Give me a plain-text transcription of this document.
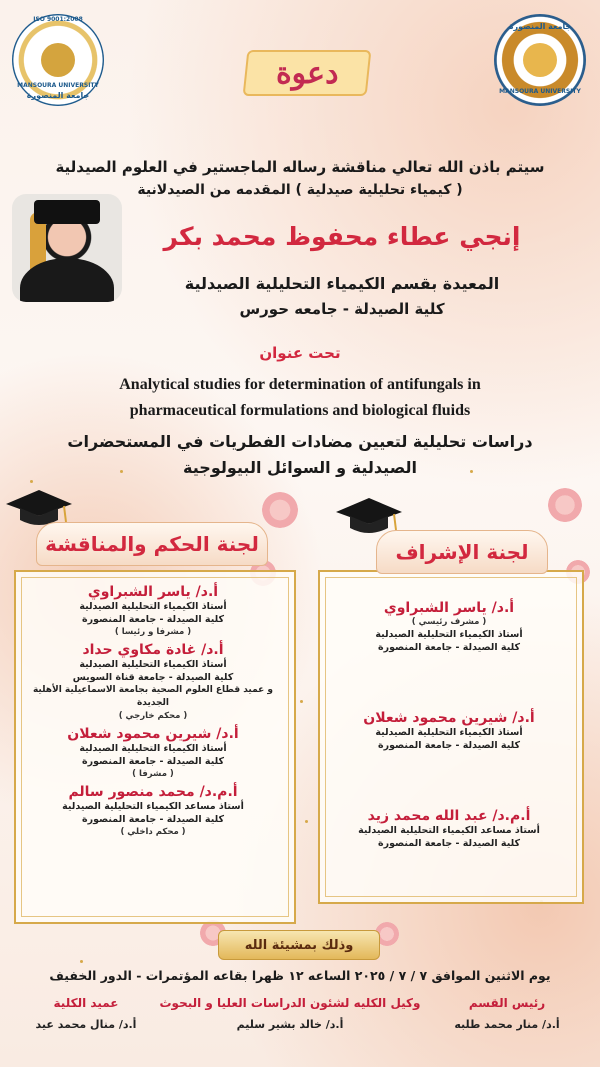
ISO 9001:2008
MANSOURA UNIVERSITY
جامعة المنصورة
جامعة المنصورة
MANSOURA UNIVERSITY
دعوة
سيتم باذن الله تعالي مناقشة رساله الماجستير في العلوم الصيدلية
( كيمياء تحليلية صيدلية ) المقدمه من الصيدلانية
إنجي عطاء محفوظ محمد بكر
المعيدة بقسم الكيمياء التحليلية الصيدلية
كلية الصيدلة - جامعه حورس
تحت عنوان
Analytical studies for determination of antifungals in
pharmaceutical formulations and biological fluids
دراسات تحليلية لتعيين مضادات الفطريات في المستحضرات
الصيدلية و السوائل البيولوجية
لجنة الحكم والمناقشة
أ.د/ ياسر الشبراوي
أستاذ الكيمياء التحليلية الصيدلية
كلية الصيدلة - جامعة المنصورة
( مشرفا و رئيسا )
أ.د/ غادة مكاوي حداد
أستاذ الكيمياء التحليلية الصيدلية
كلية الصيدلة - جامعة قناة السويس
و عميد قطاع العلوم الصحية بجامعة الاسماعيلية الأهلية
الجديدة
( محكم خارجي )
أ.د/ شيرين محمود شعلان
أستاذ الكيمياء التحليلية الصيدلية
كلية الصيدلة - جامعة المنصورة
( مشرفا )
أ.م.د/ محمد منصور سالم
أستاذ مساعد الكيمياء التحليلية الصيدلية
كلية الصيدلة - جامعة المنصورة
( محكم داخلي )
لجنة الإشراف
أ.د/ ياسر الشبراوي
( مشرف رئيسي )
أستاذ الكيمياء التحليلية الصيدلية
كلية الصيدلة - جامعة المنصورة
أ.د/ شيرين محمود شعلان
أستاذ الكيمياء التحليلية الصيدلية
كلية الصيدلة - جامعة المنصورة
أ.م.د/ عبد الله محمد زيد
أستاذ مساعد الكيمياء التحليلية الصيدلية
كلية الصيدلة - جامعة المنصورة
وذلك بمشيئة الله
يوم الاثنين الموافق ٧ / ٧ / ٢٠٢٥ الساعه ١٢ ظهرا بقاعه المؤتمرات - الدور الخفيف
رئيس القسم
أ.د/ منار محمد طلبه
وكيل الكليه لشئون الدراسات العليا و البحوث
أ.د/ خالد بشير سليم
عميد الكلية
أ.د/ منال محمد عيد
